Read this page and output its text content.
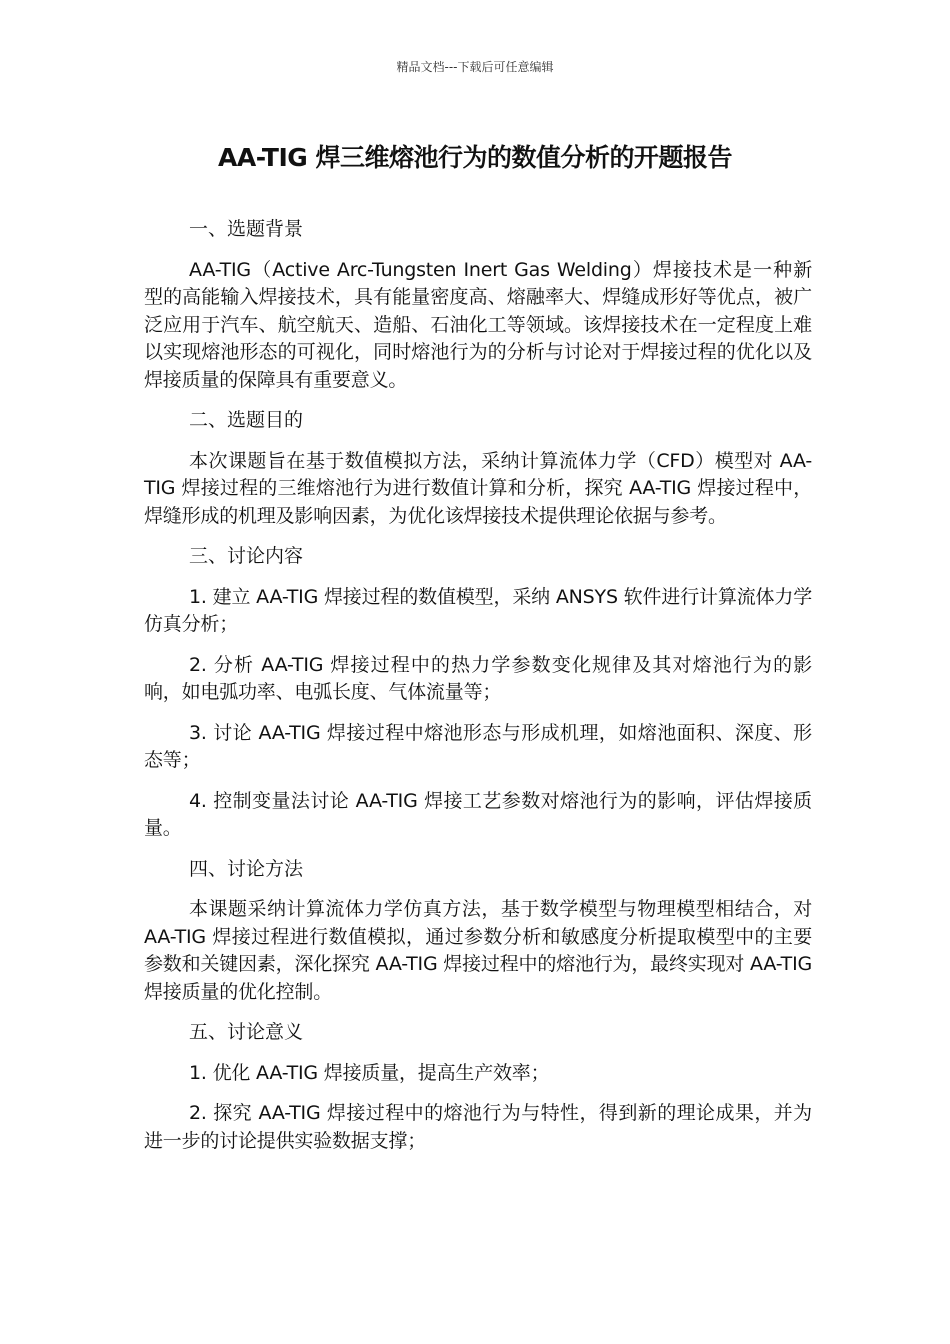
精品文档---下载后可任意编辑
AA-TIG 焊三维熔池行为的数值分析的开题报告
一、选题背景

AA-TIG（Active Arc-Tungsten Inert Gas Welding）焊接技术是一种新型的高能输入焊接技术，具有能量密度高、熔融率大、焊缝成形好等优点，被广泛应用于汽车、航空航天、造船、石油化工等领域。该焊接技术在一定程度上难以实现熔池形态的可视化，同时熔池行为的分析与讨论对于焊接过程的优化以及焊接质量的保障具有重要意义。

二、选题目的

本次课题旨在基于数值模拟方法，采纳计算流体力学（CFD）模型对 AA-TIG 焊接过程的三维熔池行为进行数值计算和分析，探究 AA-TIG 焊接过程中，焊缝形成的机理及影响因素，为优化该焊接技术提供理论依据与参考。

三、讨论内容

1. 建立 AA-TIG 焊接过程的数值模型，采纳 ANSYS 软件进行计算流体力学仿真分析；

2. 分析 AA-TIG 焊接过程中的热力学参数变化规律及其对熔池行为的影响，如电弧功率、电弧长度、气体流量等；

3. 讨论 AA-TIG 焊接过程中熔池形态与形成机理，如熔池面积、深度、形态等；

4. 控制变量法讨论 AA-TIG 焊接工艺参数对熔池行为的影响，评估焊接质量。

四、讨论方法

本课题采纳计算流体力学仿真方法，基于数学模型与物理模型相结合，对 AA-TIG 焊接过程进行数值模拟，通过参数分析和敏感度分析提取模型中的主要参数和关键因素，深化探究 AA-TIG 焊接过程中的熔池行为，最终实现对 AA-TIG 焊接质量的优化控制。

五、讨论意义

1. 优化 AA-TIG 焊接质量，提高生产效率；

2. 探究 AA-TIG 焊接过程中的熔池行为与特性，得到新的理论成果，并为进一步的讨论提供实验数据支撑；
